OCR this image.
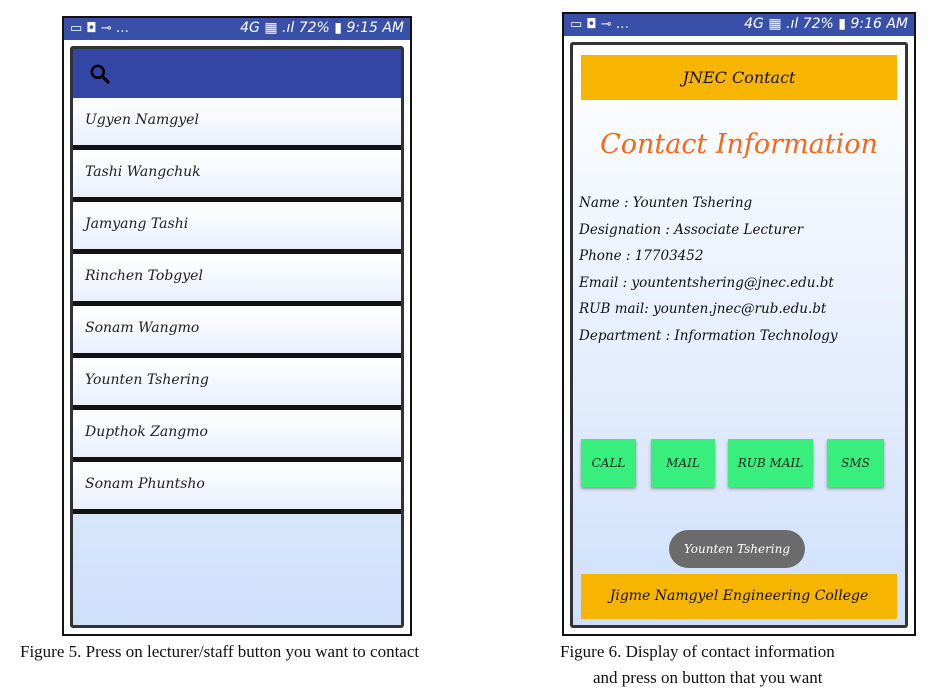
▭ ◘ ⊸ …	4G ▦ .ıl 72% ▮ 9:15 AM
Ugyen Namgyel
Tashi Wangchuk
Jamyang Tashi
Rinchen Tobgyel
Sonam Wangmo
Younten Tshering
Dupthok Zangmo
Sonam Phuntsho
▭ ◘ ⊸ …	4G ▦ .ıl 72% ▮ 9:16 AM
JNEC Contact
Contact Information
Name : Younten Tshering
Designation : Associate Lecturer
Phone : 17703452
Email : yountentshering@jnec.edu.bt
RUB mail: younten.jnec@rub.edu.bt
Department : Information Technology
CALL	MAIL	RUB MAIL	SMS
Younten Tshering
Jigme Namgyel Engineering College
Figure 5. Press on lecturer/staff button you want to contact	Figure 6. Display of contact information
and press on button that you want
